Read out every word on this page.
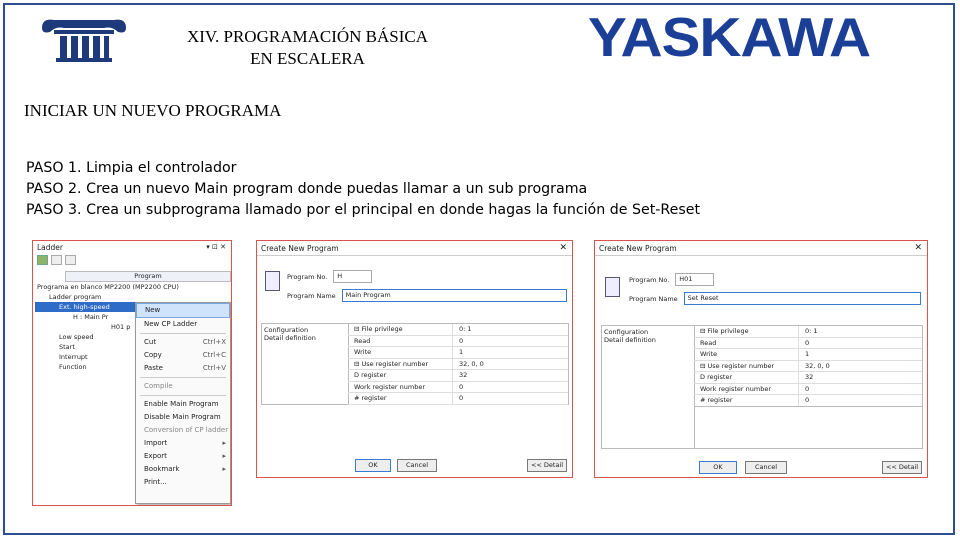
XIV. PROGRAMACIÓN BÁSICA
EN ESCALERA	YASKAWA
INICIAR UN NUEVO PROGRAMA
PASO 1. Limpia el controlador
PASO 2. Crea un nuevo Main program donde puedas llamar a un sub programa
PASO 3. Crea un subprograma llamado por el principal en donde hagas la función de Set-Reset
Ladder	▾ ⊡ ✕
Program
Programa en blanco MP2200 (MP2200 CPU)
Ladder program
Ext. high-speed
H : Main Pr
H01 p
Low speed
Start
Interrupt
Function
New
New CP Ladder
Cut	Ctrl+X
Copy	Ctrl+C
Paste	Ctrl+V
Compile
Enable Main Program
Disable Main Program
Conversion of CP ladder
Import	▸
Export	▸
Bookmark	▸
Print...
Create New Program	✕
Program No.	H
Program Name	Main Program
Configuration
Detail definition
⊟ File privilege	0: 1
Read	0
Write	1
⊟ Use register number	32, 0, 0
D register	32
Work register number	0
# register	0
OK	Cancel	<< Detail
Create New Program	✕
Program No.	H01
Program Name	Set Reset
Configuration
Detail definition
⊟ File privilege	0: 1
Read	0
Write	1
⊟ Use register number	32, 0, 0
D register	32
Work register number	0
# register	0
OK	Cancel	<< Detail
